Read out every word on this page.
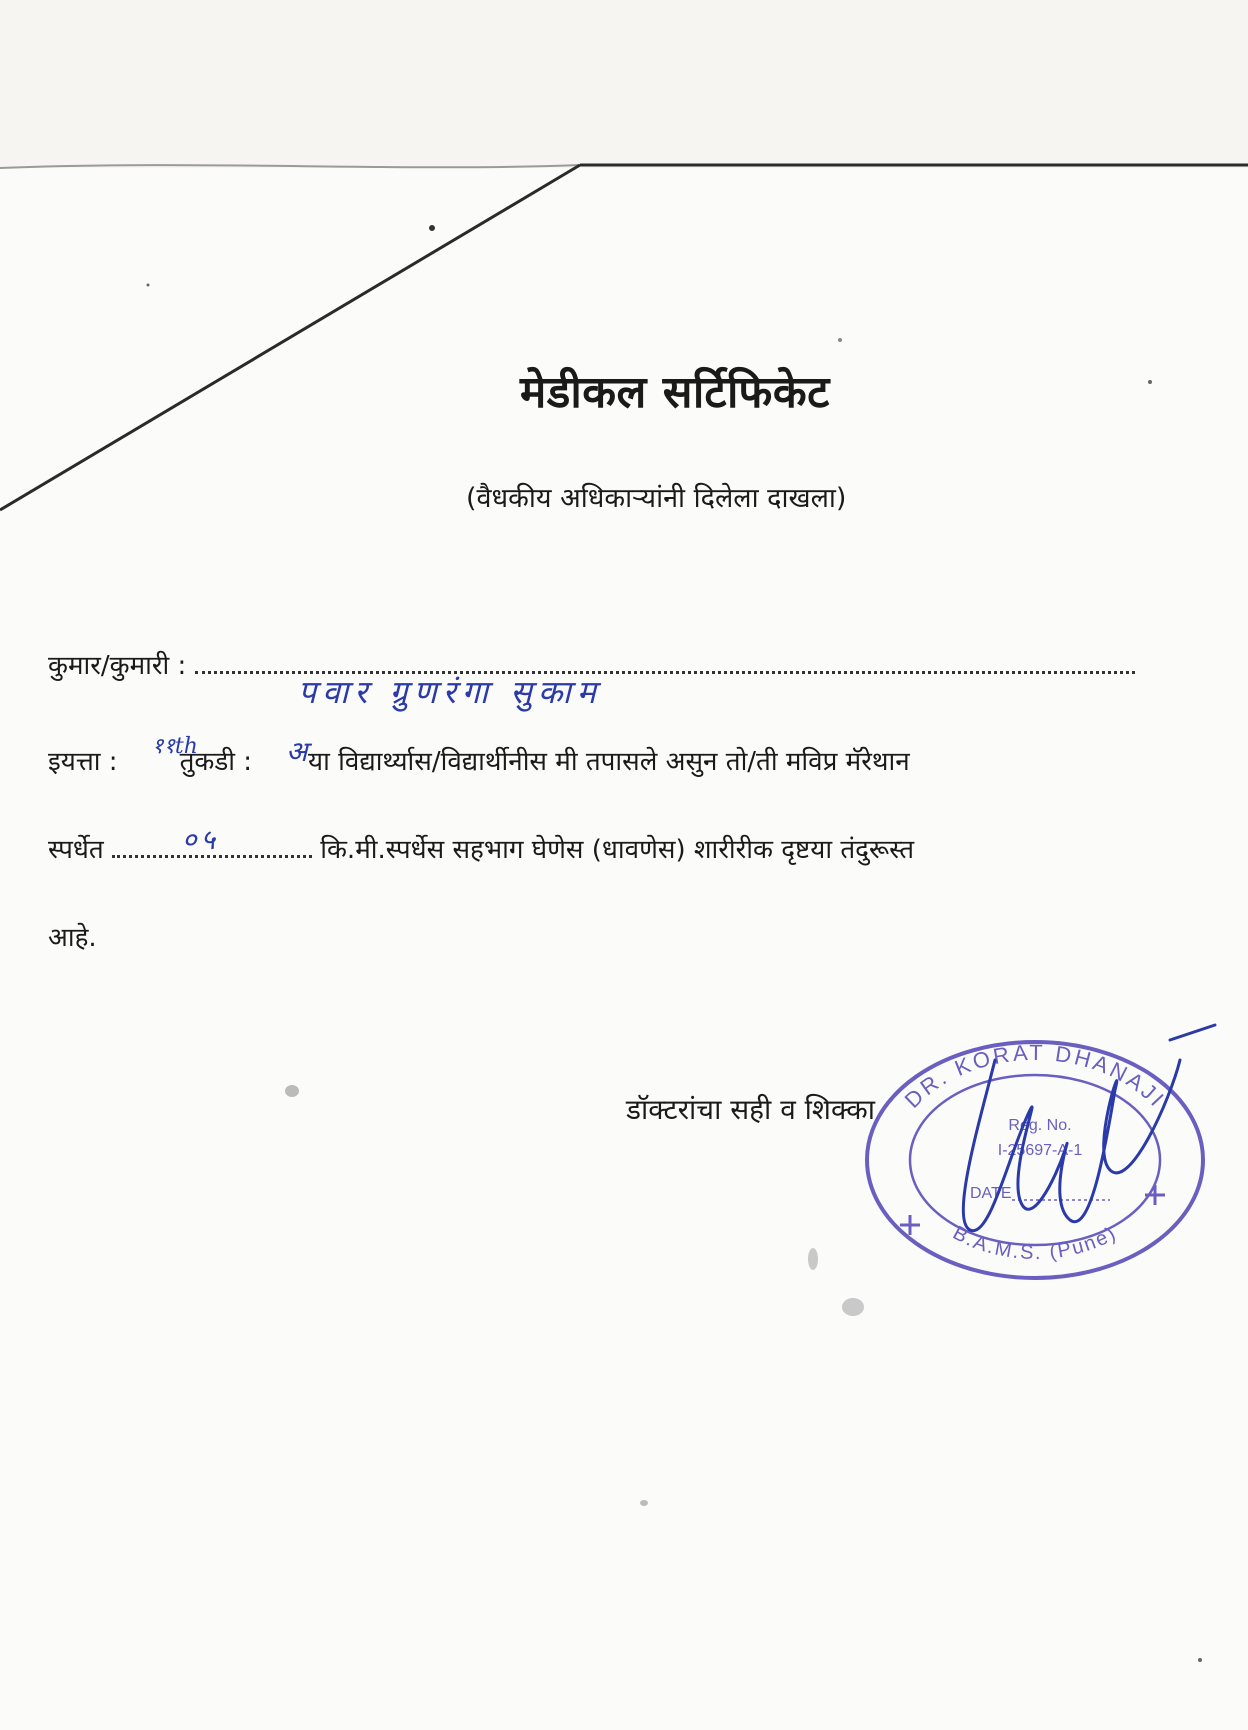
मेडीकल सर्टिफिकेट
(वैधकीय अधिकाऱ्यांनी दिलेला दाखला)
कुमार/कुमारी :
पवार ग्रुणरंगा सुकाम
इयत्ता : तुकडी : या विद्यार्थ्यास/विद्यार्थीनीस मी तपासले असुन तो/ती मविप्र मॅरेथान
११th	अ
स्पर्धेत	कि.मी.स्पर्धेस सहभाग घेणेस (धावणेस) शारीरीक दृष्टया तंदुरूस्त
०५
आहे.
डॉक्टरांचा सही व शिक्का DR. KORAT DHANAJI
B.A.M.S. (Pune)
Reg. No.
I-25697-A-1
DATE
